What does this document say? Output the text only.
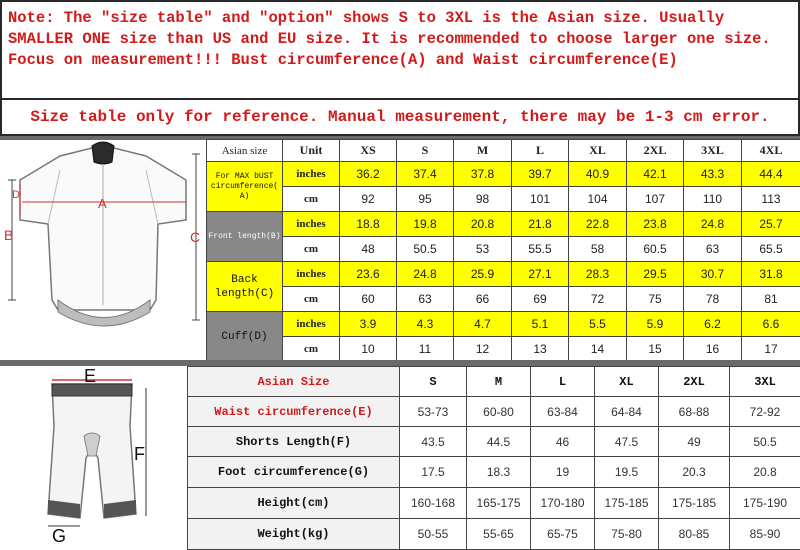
Note: The "size table" and "option" shows S to 3XL is the Asian size. Usually SMALLER ONE size than US and EU size. It is recommended to choose larger one size.
Focus on measurement!!! Bust circumference(A) and Waist circumference(E)
Size table only for reference. Manual measurement, there may be 1-3 cm error.
A
B	C
D
Asian size	Unit	XS	S	M	L	XL	2XL	3XL	4XL
For MAX bUST circumference( A)	inches	36.2	37.4	37.8	39.7	40.9	42.1	43.3	44.4
	cm	92	95	98	101	104	107	110	113
Front length(B)	inches	18.8	19.8	20.8	21.8	22.8	23.8	24.8	25.7
	cm	48	50.5	53	55.5	58	60.5	63	65.5
Back length(C)	inches	23.6	24.8	25.9	27.1	28.3	29.5	30.7	31.8
	cm	60	63	66	69	72	75	78	81
Cuff(D)	inches	3.9	4.3	4.7	5.1	5.5	5.9	6.2	6.6
	cm	10	11	12	13	14	15	16	17
E
F
G
Asian Size	S	M	L	XL	2XL	3XL
Waist circumference(E)	53-73	60-80	63-84	64-84	68-88	72-92
Shorts Length(F)	43.5	44.5	46	47.5	49	50.5
Foot circumference(G)	17.5	18.3	19	19.5	20.3	20.8
Height(cm)	160-168	165-175	170-180	175-185	175-185	175-190
Weight(kg)	50-55	55-65	65-75	75-80	80-85	85-90
